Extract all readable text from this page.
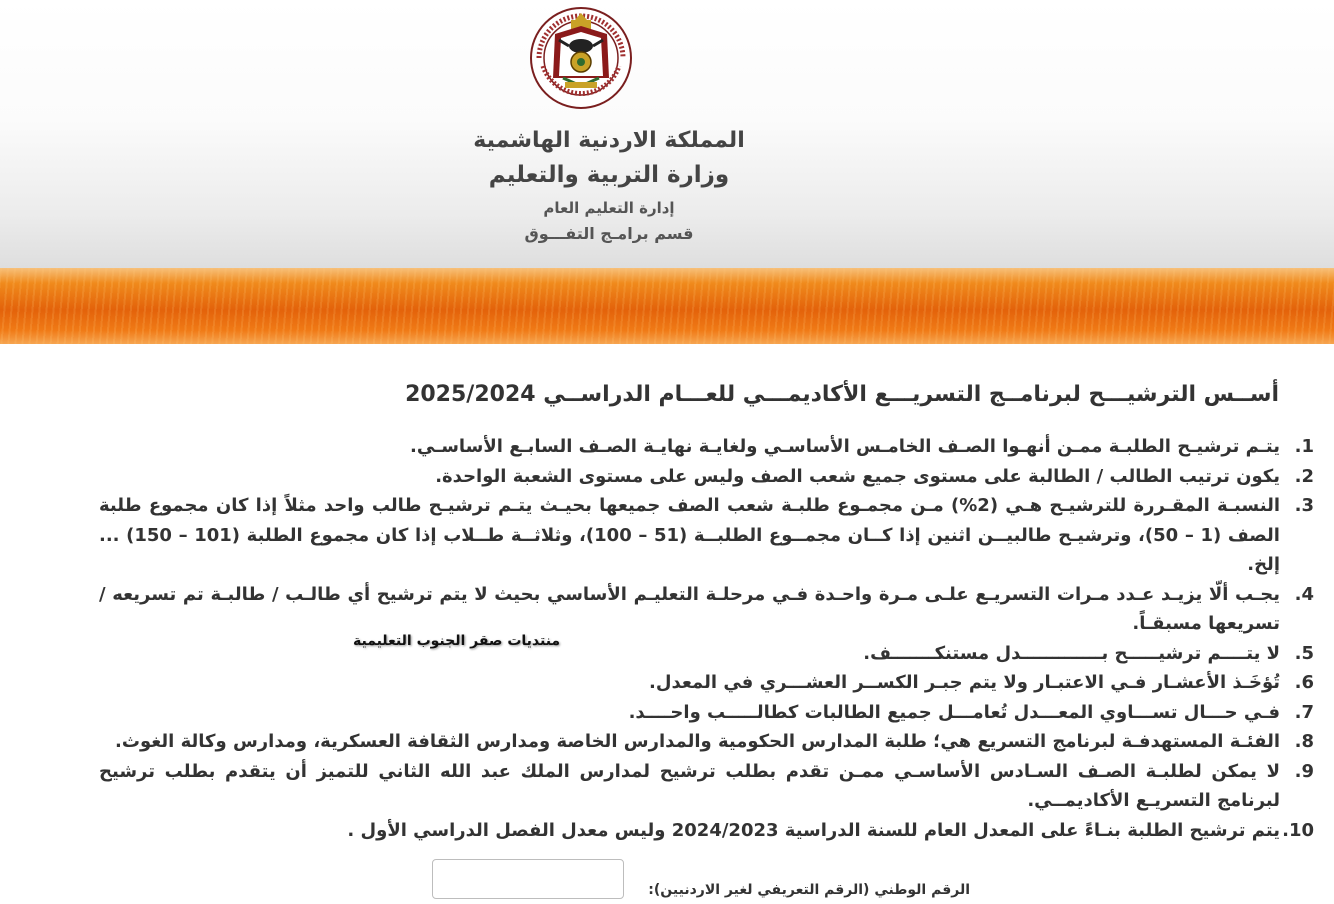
المملكة الاردنية الهاشمية
وزارة التربية والتعليم
إدارة التعليم العام
قسم برامـج التفـــوق
أســس الترشيـــح لبرنامــج التسريـــع الأكاديمـــي للعـــام الدراســي 2025/2024
.1
يتـم ترشيـح الطلبـة ممـن أنهـوا الصـف الخامـس الأساسـي ولغايـة نهايـة الصـف السابـع الأساسـي.
.2
يكون ترتيب الطالب / الطالبة على مستوى جميع شعب الصف وليس على مستوى الشعبة الواحدة.
.3
النسبـة المقـررة للترشيـح هـي (2%) مـن مجمـوع طلبـة شعب الصف جميعها بحيـث يتـم ترشيـح طالب واحد مثلاً إذا كان مجموع طلبة الصف (1 – 50)، وترشيـح طالبيــن اثنين إذا كــان مجمــوع الطلبــة (51 – 100)، وثلاثــة طــلاب إذا كان مجموع الطلبة (101 – 150) ... إلخ.
.4
يجـب ألّا يزيـد عـدد مـرات التسريـع علـى مـرة واحـدة فـي مرحلـة التعليـم الأساسي بحيث لا يتم ترشيح أي طالـب / طالبـة تم تسريعه / تسريعها مسبقـاً.
.5
لا يتــــم ترشيـــــح بـــــــــــــدل مستنكـــــــف.
.6
تُؤخَـذ الأعشـار فـي الاعتبـار ولا يتم جبـر الكســر العشـــري في المعدل.
.7
فـي حـــال تســـاوي المعـــدل تُعامـــل جميع الطالبات كطالـــــب واحــــد.
.8
الفئـة المستهدفـة لبرنامج التسريع هي؛ طلبة المدارس الحكومية والمدارس الخاصة ومدارس الثقافة العسكرية، ومدارس وكالة الغوث.
.9
لا يمكن لطلبـة الصـف السـادس الأساسـي ممـن تقدم بطلب ترشيح لمدارس الملك عبد الله الثاني للتميز أن يتقدم بطلب ترشيح لبرنامج التسريـع الأكاديمــي.
.10
يتم ترشيح الطلبة بنـاءً على المعدل العام للسنة الدراسية 2024/2023 وليس معدل الفصل الدراسي الأول .
منتديات صقر الجنوب التعليمية
الرقم الوطني (الرقم التعريفي لغير الاردنيين):
